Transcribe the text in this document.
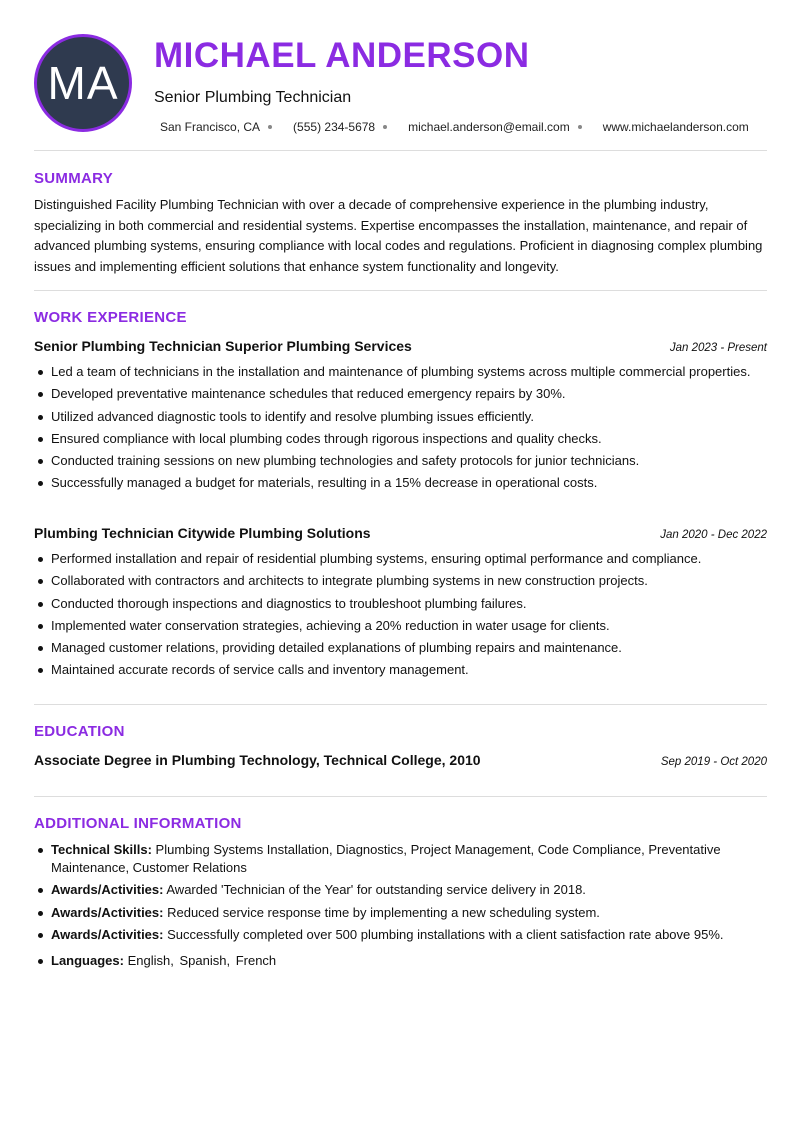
MA
MICHAEL ANDERSON
Senior Plumbing Technician
San Francisco, CA	(555) 234-5678	michael.anderson@email.com	www.michaelanderson.com
SUMMARY

Distinguished Facility Plumbing Technician with over a decade of comprehensive experience in the plumbing industry, specializing in both commercial and residential systems. Expertise encompasses the installation, maintenance, and repair of advanced plumbing systems, ensuring compliance with local codes and regulations. Proficient in diagnosing complex plumbing issues and implementing efficient solutions that enhance system functionality and longevity.

WORK EXPERIENCE
Senior Plumbing Technician Superior Plumbing Services	Jan 2023 - Present
Led a team of technicians in the installation and maintenance of plumbing systems across multiple commercial properties.
Developed preventative maintenance schedules that reduced emergency repairs by 30%.
Utilized advanced diagnostic tools to identify and resolve plumbing issues efficiently.
Ensured compliance with local plumbing codes through rigorous inspections and quality checks.
Conducted training sessions on new plumbing technologies and safety protocols for junior technicians.
Successfully managed a budget for materials, resulting in a 15% decrease in operational costs.
Plumbing Technician Citywide Plumbing Solutions	Jan 2020 - Dec 2022
Performed installation and repair of residential plumbing systems, ensuring optimal performance and compliance.
Collaborated with contractors and architects to integrate plumbing systems in new construction projects.
Conducted thorough inspections and diagnostics to troubleshoot plumbing failures.
Implemented water conservation strategies, achieving a 20% reduction in water usage for clients.
Managed customer relations, providing detailed explanations of plumbing repairs and maintenance.
Maintained accurate records of service calls and inventory management.
EDUCATION
Associate Degree in Plumbing Technology, Technical College, 2010	Sep 2019 - Oct 2020
ADDITIONAL INFORMATION
Technical Skills: Plumbing Systems Installation, Diagnostics, Project Management, Code Compliance, Preventative Maintenance, Customer Relations
Awards/Activities: Awarded 'Technician of the Year' for outstanding service delivery in 2018.
Awards/Activities: Reduced service response time by implementing a new scheduling system.
Awards/Activities: Successfully completed over 500 plumbing installations with a client satisfaction rate above 95%.
Languages: English, Spanish, French
